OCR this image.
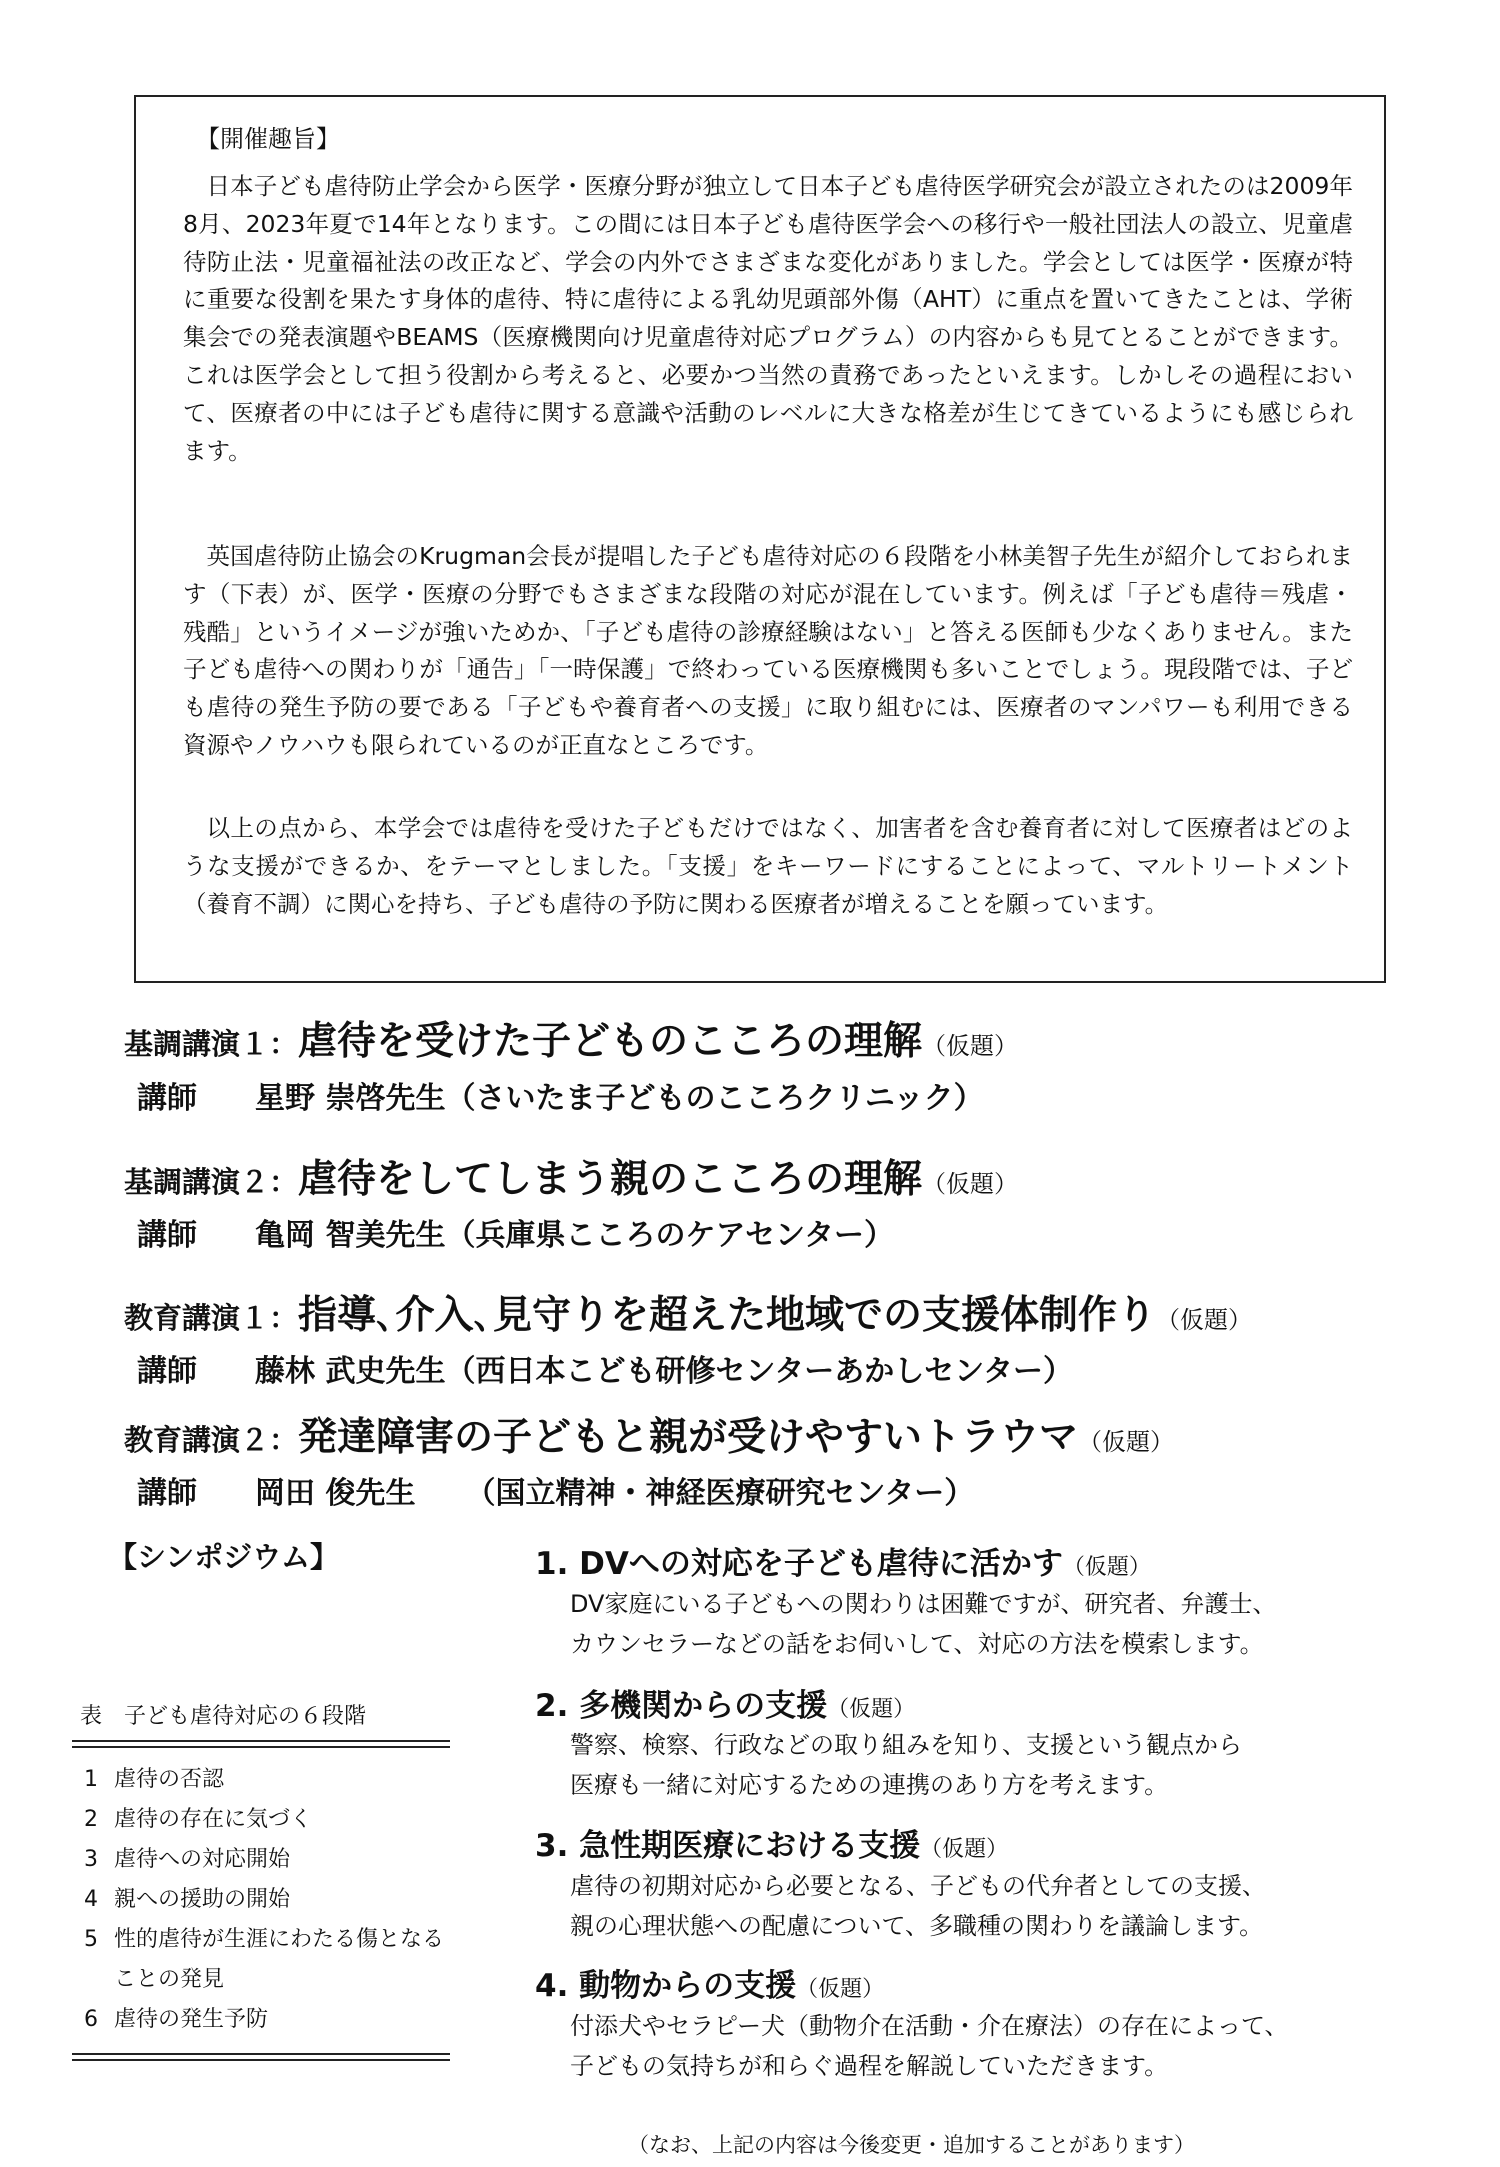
【開催趣旨】

日本子ども虐待防止学会から医学・医療分野が独立して日本子ども虐待医学研究会が設立されたのは2009年8月、2023年夏で14年となります。この間には日本子ども虐待医学会への移行や一般社団法人の設立、児童虐待防止法・児童福祉法の改正など、学会の内外でさまざまな変化がありました。学会としては医学・医療が特に重要な役割を果たす身体的虐待、特に虐待による乳幼児頭部外傷（AHT）に重点を置いてきたことは、学術集会での発表演題やBEAMS（医療機関向け児童虐待対応プログラム）の内容からも見てとることができます。これは医学会として担う役割から考えると、必要かつ当然の責務であったといえます。しかしその過程において、医療者の中には子ども虐待に関する意識や活動のレベルに大きな格差が生じてきているようにも感じられます。

英国虐待防止協会のKrugman会長が提唱した子ども虐待対応の６段階を小林美智子先生が紹介しておられます（下表）が、医学・医療の分野でもさまざまな段階の対応が混在しています。例えば「子ども虐待＝残虐・残酷」というイメージが強いためか、「子ども虐待の診療経験はない」と答える医師も少なくありません。また子ども虐待への関わりが「通告」「一時保護」で終わっている医療機関も多いことでしょう。現段階では、子ども虐待の発生予防の要である「子どもや養育者への支援」に取り組むには、医療者のマンパワーも利用できる資源やノウハウも限られているのが正直なところです。

以上の点から、本学会では虐待を受けた子どもだけではなく、加害者を含む養育者に対して医療者はどのような支援ができるか、をテーマとしました。「支援」をキーワードにすることによって、マルトリートメント（養育不調）に関心を持ち、子ども虐待の予防に関わる医療者が増えることを願っています。

基調講演１：虐待を受けた子どものこころの理解（仮題）
講師 星野 崇啓先生（さいたま子どものこころクリニック）
基調講演２：虐待をしてしまう親のこころの理解（仮題）
講師 亀岡 智美先生（兵庫県こころのケアセンター）
教育講演１：指導､介入､見守りを超えた地域での支援体制作り（仮題）
講師 藤林 武史先生（西日本こども研修センターあかしセンター）
教育講演２：発達障害の子どもと親が受けやすいトラウマ（仮題）
講師 岡田 俊先生 （国立精神・神経医療研究センター）
【シンポジウム】	1. DVへの対応を子ども虐待に活かす（仮題）
DV家庭にいる子どもへの関わりは困難ですが、研究者、弁護士、
カウンセラーなどの話をお伺いして、対応の方法を模索します。
2. 多機関からの支援（仮題）
警察、検察、行政などの取り組みを知り、支援という観点から
医療も一緒に対応するための連携のあり方を考えます。
3. 急性期医療における支援（仮題）
虐待の初期対応から必要となる、子どもの代弁者としての支援、
親の心理状態への配慮について、多職種の関わりを議論します。
4. 動物からの支援（仮題）
付添犬やセラピー犬（動物介在活動・介在療法）の存在によって、
子どもの気持ちが和らぐ過程を解説していただきます。
表　子ども虐待対応の６段階
1 虐待の否認
2 虐待の存在に気づく
3 虐待への対応開始
4 親への援助の開始
5 性的虐待が生涯にわたる傷となることの発見
6 虐待の発生予防
（なお、上記の内容は今後変更・追加することがあります）
